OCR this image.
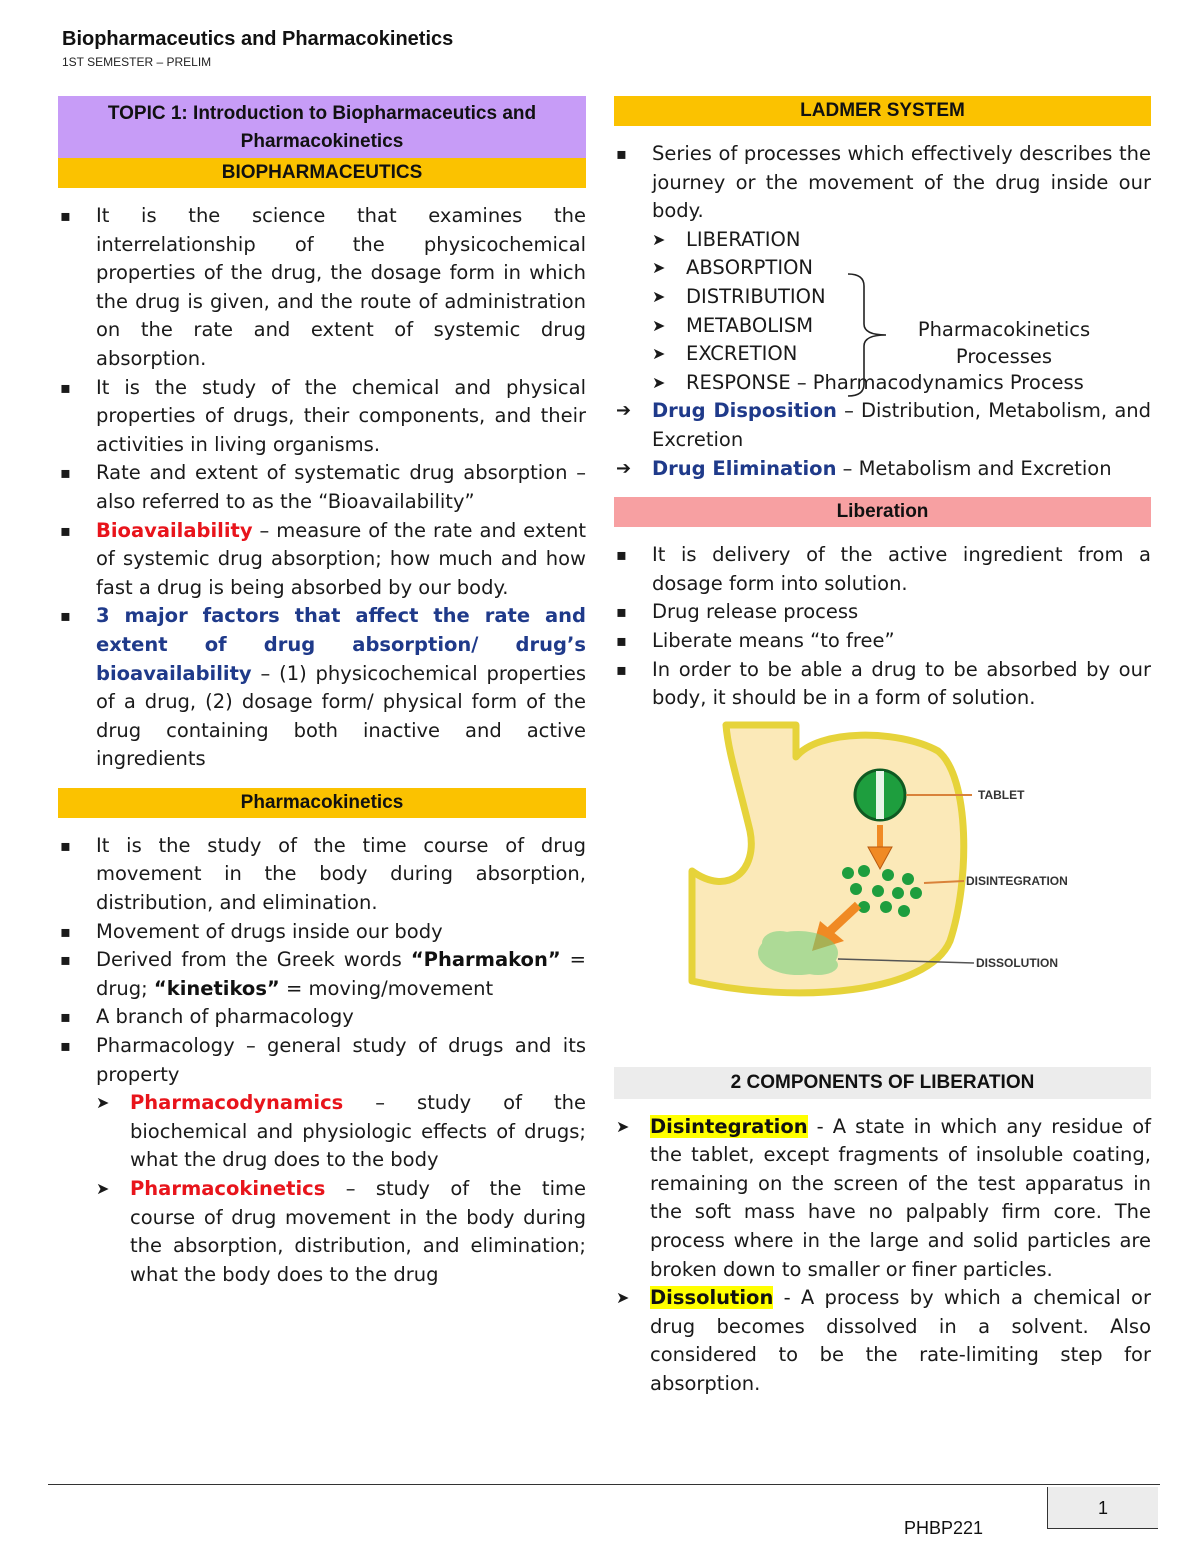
Biopharmaceutics and Pharmacokinetics
1ST SEMESTER – PRELIM
TOPIC 1: Introduction to Biopharmaceutics and Pharmacokinetics
BIOPHARMACEUTICS
▪ It is the science that examines the interrelationship of the physicochemical properties of the drug, the dosage form in which the drug is given, and the route of administration on the rate and extent of systemic drug absorption.
▪ It is the study of the chemical and physical properties of drugs, their components, and their activities in living organisms.
▪ Rate and extent of systematic drug absorption – also referred to as the “Bioavailability”
▪ Bioavailability – measure of the rate and extent of systemic drug absorption; how much and how fast a drug is being absorbed by our body.
▪ 3 major factors that affect the rate and extent of drug absorption/ drug’s bioavailability – (1) physicochemical properties of a drug, (2) dosage form/ physical form of the drug containing both inactive and active ingredients
Pharmacokinetics
▪ It is the study of the time course of drug movement in the body during absorption, distribution, and elimination.
▪ Movement of drugs inside our body
▪ Derived from the Greek words “Pharmakon” = drug; “kinetikos” = moving/movement
▪ A branch of pharmacology
▪ Pharmacology – general study of drugs and its property
➤ Pharmacodynamics – study of the biochemical and physiologic effects of drugs; what the drug does to the body
➤ Pharmacokinetics – study of the time course of drug movement in the body during the absorption, distribution, and elimination; what the body does to the drug
LADMER SYSTEM
▪ Series of processes which effectively describes the journey or the movement of the drug inside our body.
➤ LIBERATION
➤ ABSORPTION
➤ DISTRIBUTION
➤ METABOLISM
➤ EXCRETION
➤ RESPONSE – Pharmacodynamics Process
Pharmacokinetics Processes
➔ Drug Disposition – Distribution, Metabolism, and Excretion
➔ Drug Elimination – Metabolism and Excretion
Liberation
▪ It is delivery of the active ingredient from a dosage form into solution.
▪ Drug release process
▪ Liberate means “to free”
▪ In order to be able a drug to be absorbed by our body, it should be in a form of solution.
TABLET
DISINTEGRATION
DISSOLUTION
2 COMPONENTS OF LIBERATION
➤ Disintegration - A state in which any residue of the tablet, except fragments of insoluble coating, remaining on the screen of the test apparatus in the soft mass have no palpably firm core. The process where in the large and solid particles are broken down to smaller or finer particles.
➤ Dissolution - A process by which a chemical or drug becomes dissolved in a solvent. Also considered to be the rate-limiting step for absorption.
PHBP221
1
